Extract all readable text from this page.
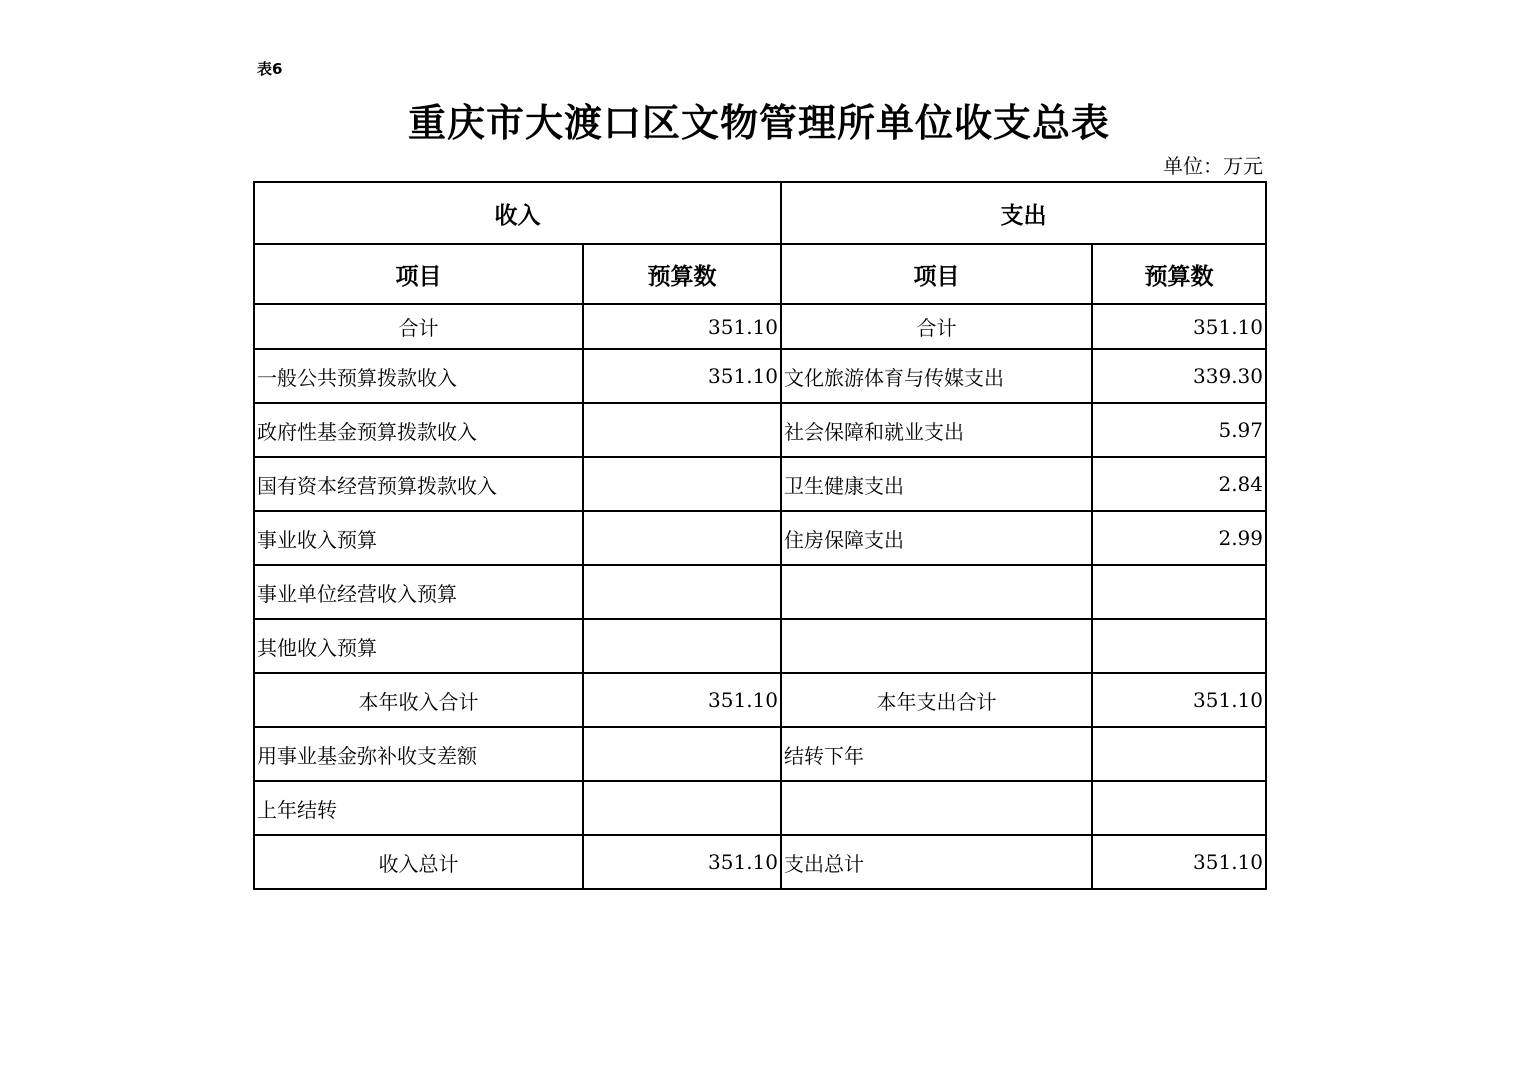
表6
重庆市大渡口区文物管理所单位收支总表
单位：万元
收入		支出	
项目	预算数	项目	预算数
合计	351.10	合计	351.10
一般公共预算拨款收入	351.10	文化旅游体育与传媒支出	339.30
政府性基金预算拨款收入		社会保障和就业支出	5.97
国有资本经营预算拨款收入		卫生健康支出	2.84
事业收入预算		住房保障支出	2.99
事业单位经营收入预算			
其他收入预算			
本年收入合计	351.10	本年支出合计	351.10
用事业基金弥补收支差额		结转下年	
上年结转			
收入总计	351.10	支出总计	351.10
